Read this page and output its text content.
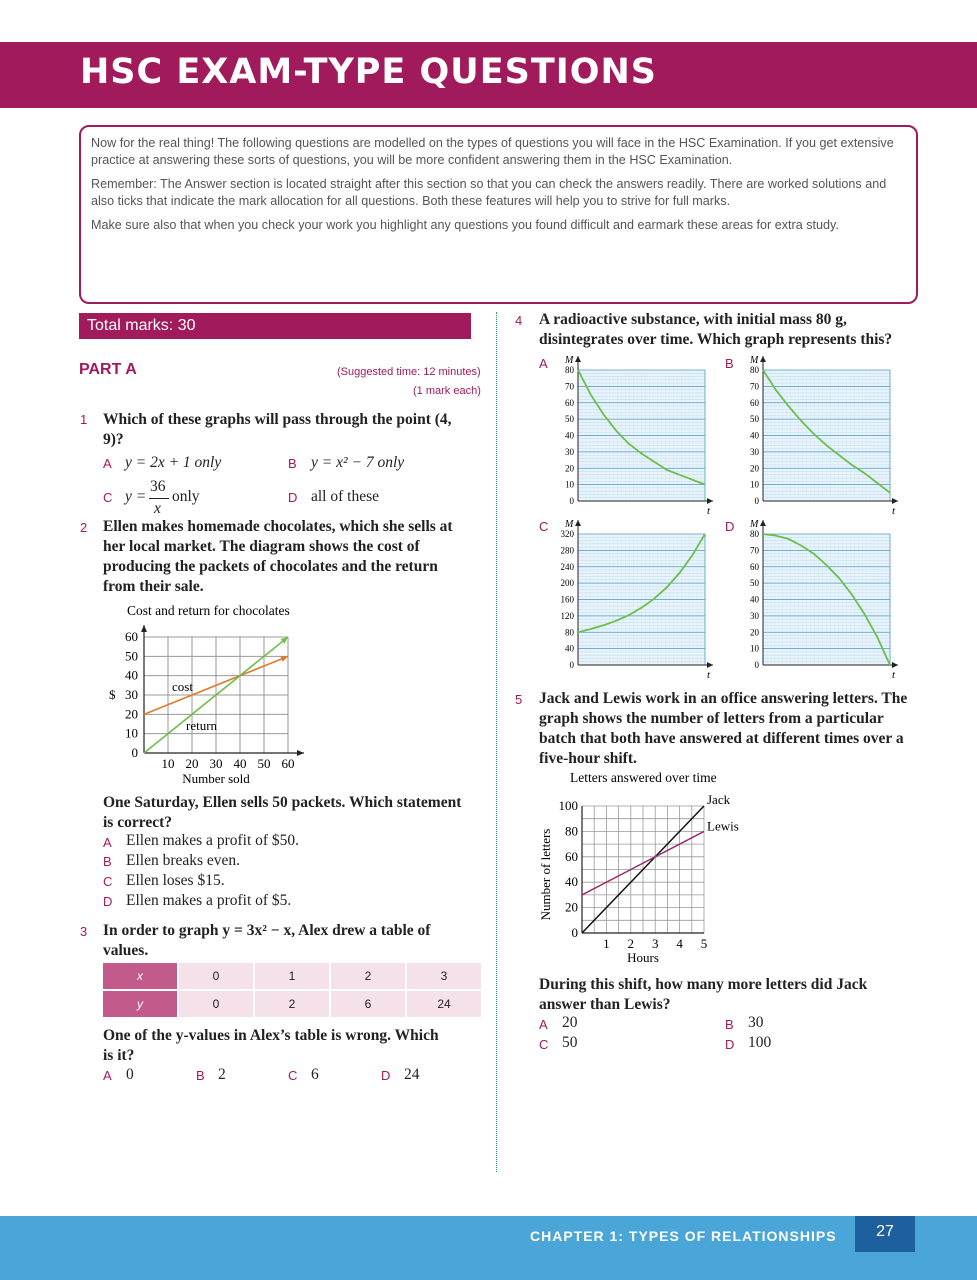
HSC EXAM-TYPE QUESTIONS

Now for the real thing! The following questions are modelled on the types of questions you will face in the HSC Examination. If you get extensive practice at answering these sorts of questions, you will be more confident answering them in the HSC Examination.

Remember: The Answer section is located straight after this section so that you can check the answers readily. There are worked solutions and also ticks that indicate the mark allocation for all questions. Both these features will help you to strive for full marks.

Make sure also that when you check your work you highlight any questions you found difficult and earmark these areas for extra study.

Total marks: 30
PART A	(Suggested time: 12 minutes)
(1 mark each)
1 Which of these graphs will pass through the point (4, 9)?
A y = 2x + 1 only	B y = x² − 7 only
C y =
36
x
only	D all of these
2 Ellen makes homemade chocolates, which she sells at her local market. The diagram shows the cost of producing the packets of chocolates and the return from their sale.
Cost and return for chocolates
10 20 30 40 50 60
0
10
20
30
40
50
60
$
Number sold
cost
return
One Saturday, Ellen sells 50 packets. Which statement is correct?
A Ellen makes a profit of $50.
B Ellen breaks even.
C Ellen loses $15.
D Ellen makes a profit of $5.
3 In order to graph y = 3x² − x, Alex drew a table of values.
x	0	1	2	3
y	0	2	6	24
One of the y-values in Alex’s table is wrong. Which is it?
A 0	B 2	C 6	D 24
4 A radioactive substance, with initial mass 80 g, disintegrates over time. Which graph represents this?
A	B
C	D
0
10
20
30
40
50
60
70
80
M
t
0
10
20
30
40
50
60
70
80
M
t
0
40
80
120
160
200
240
280
320
M
t
0
10
20
30
40
50
60
70
80
M
t
5 Jack and Lewis work in an office answering letters. The graph shows the number of letters from a particular batch that both have answered at different times over a five-hour shift.
Letters answered over time
1 2 3 4 5
0
20
40
60
80
100
Hours
Number of letters
Jack
Lewis
During this shift, how many more letters did Jack answer than Lewis?
A 20	B 30
C 50	D 100
CHAPTER 1: TYPES OF RELATIONSHIPS	27
